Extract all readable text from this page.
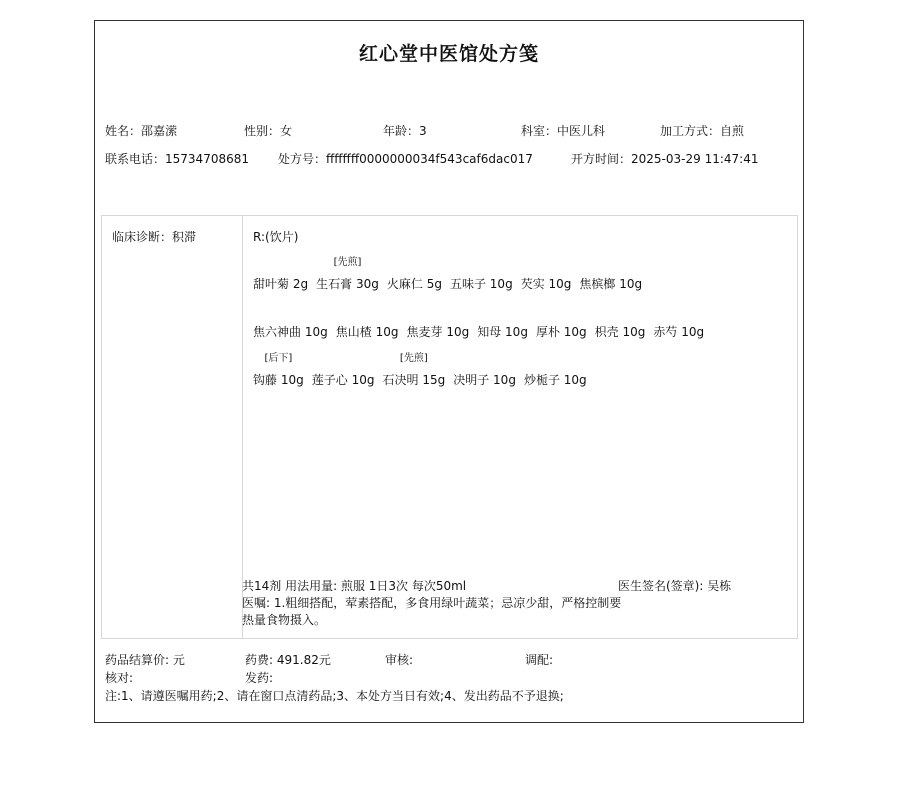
红心堂中医馆处方笺
姓名：邵嘉潆	性别：女	年龄：3	科室：中医儿科	加工方式：自煎
联系电话：15734708681 处方号：ffffffff0000000034f543caf6dac017	开方时间：2025-03-29 11:47:41
临床诊断：积滞	R:(饮片)
甜叶菊 2g
[先煎]
生石膏 30g 火麻仁 5g 五味子 10g 芡实 10g 焦槟榔 10g
焦六神曲 10g 焦山楂 10g 焦麦芽 10g 知母 10g 厚朴 10g 枳壳 10g 赤芍 10g
[后下]
钩藤 10g 莲子心 10g
[先煎]
石决明 15g 决明子 10g 炒栀子 10g
共14剂 用法用量: 煎服 1日3次 每次50ml	医生签名(签章): 吴栋
医嘱: 1.粗细搭配，荤素搭配，多食用绿叶蔬菜；忌凉少甜，严格控制要热量食物摄入。
药品结算价: 元	药费: 491.82元	审核:	调配:
核对:	发药:
注:1、请遵医嘱用药;2、请在窗口点清药品;3、本处方当日有效;4、发出药品不予退换;
